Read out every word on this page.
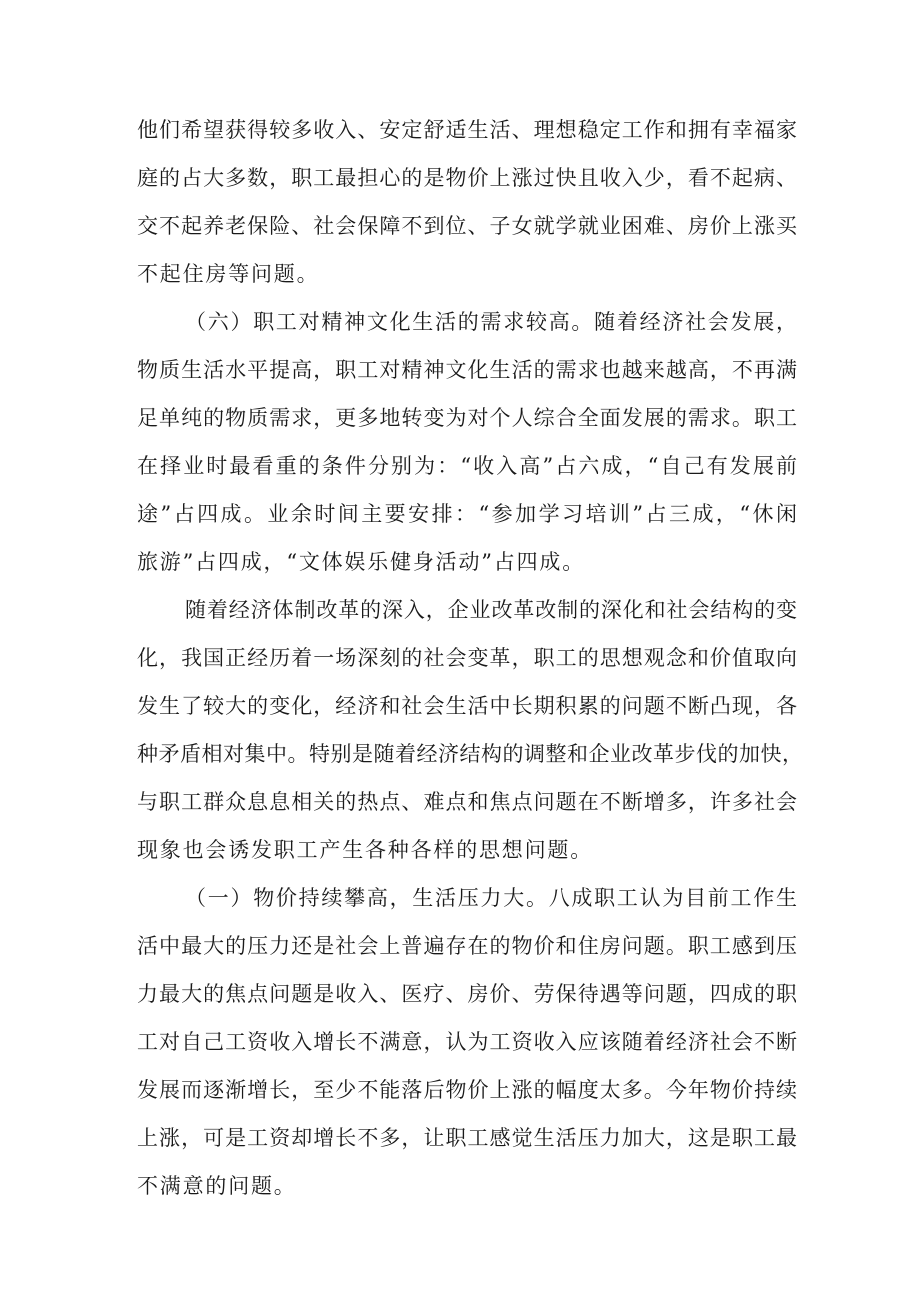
他们希望获得较多收入、安定舒适生活、理想稳定工作和拥有幸福家

庭的占大多数，职工最担心的是物价上涨过快且收入少，看不起病、

交不起养老保险、社会保障不到位、子女就学就业困难、房价上涨买

不起住房等问题。

（六）职工对精神文化生活的需求较高。随着经济社会发展，

物质生活水平提高，职工对精神文化生活的需求也越来越高，不再满

足单纯的物质需求，更多地转变为对个人综合全面发展的需求。职工

在择业时最看重的条件分别为：“收入高”占六成，“自己有发展前

途”占四成。业余时间主要安排：“参加学习培训”占三成，“休闲

旅游”占四成，“文体娱乐健身活动”占四成。

随着经济体制改革的深入，企业改革改制的深化和社会结构的变

化，我国正经历着一场深刻的社会变革，职工的思想观念和价值取向

发生了较大的变化，经济和社会生活中长期积累的问题不断凸现，各

种矛盾相对集中。特别是随着经济结构的调整和企业改革步伐的加快，

与职工群众息息相关的热点、难点和焦点问题在不断增多，许多社会

现象也会诱发职工产生各种各样的思想问题。

（一）物价持续攀高，生活压力大。八成职工认为目前工作生

活中最大的压力还是社会上普遍存在的物价和住房问题。职工感到压

力最大的焦点问题是收入、医疗、房价、劳保待遇等问题，四成的职

工对自己工资收入增长不满意，认为工资收入应该随着经济社会不断

发展而逐渐增长，至少不能落后物价上涨的幅度太多。今年物价持续

上涨，可是工资却增长不多，让职工感觉生活压力加大，这是职工最

不满意的问题。
